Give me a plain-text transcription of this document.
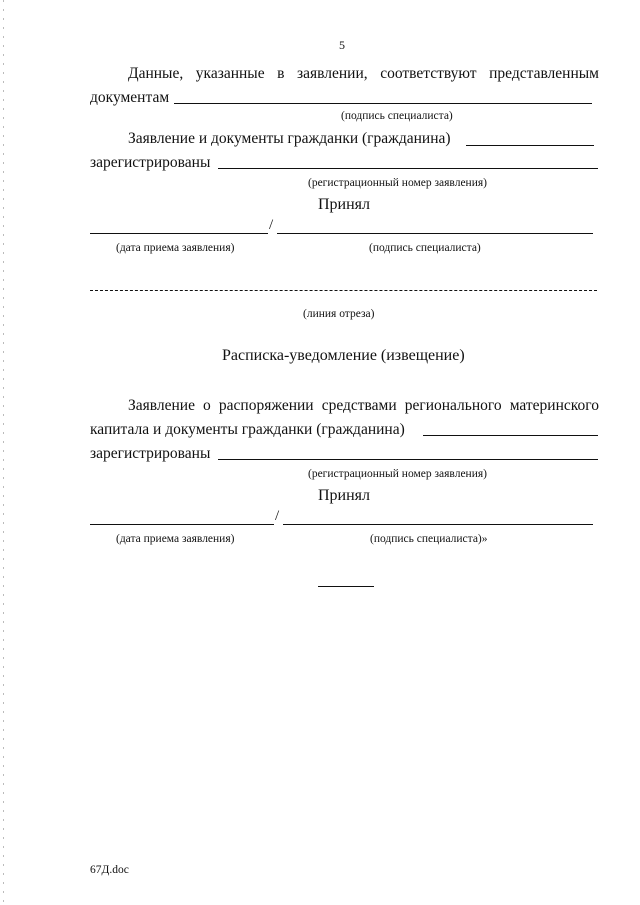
5
Данные, указанные в заявлении, соответствуют представленным
документам
(подпись специалиста)
Заявление и документы гражданки (гражданина)
зарегистрированы
(регистрационный номер заявления)
Принял
/
(дата приема заявления)	(подпись специалиста)
(линия отреза)
Расписка-уведомление (извещение)
Заявление о распоряжении средствами регионального материнского
капитала и документы гражданки (гражданина)
зарегистрированы
(регистрационный номер заявления)
Принял
/
(дата приема заявления)	(подпись специалиста)»
67Д.doc
